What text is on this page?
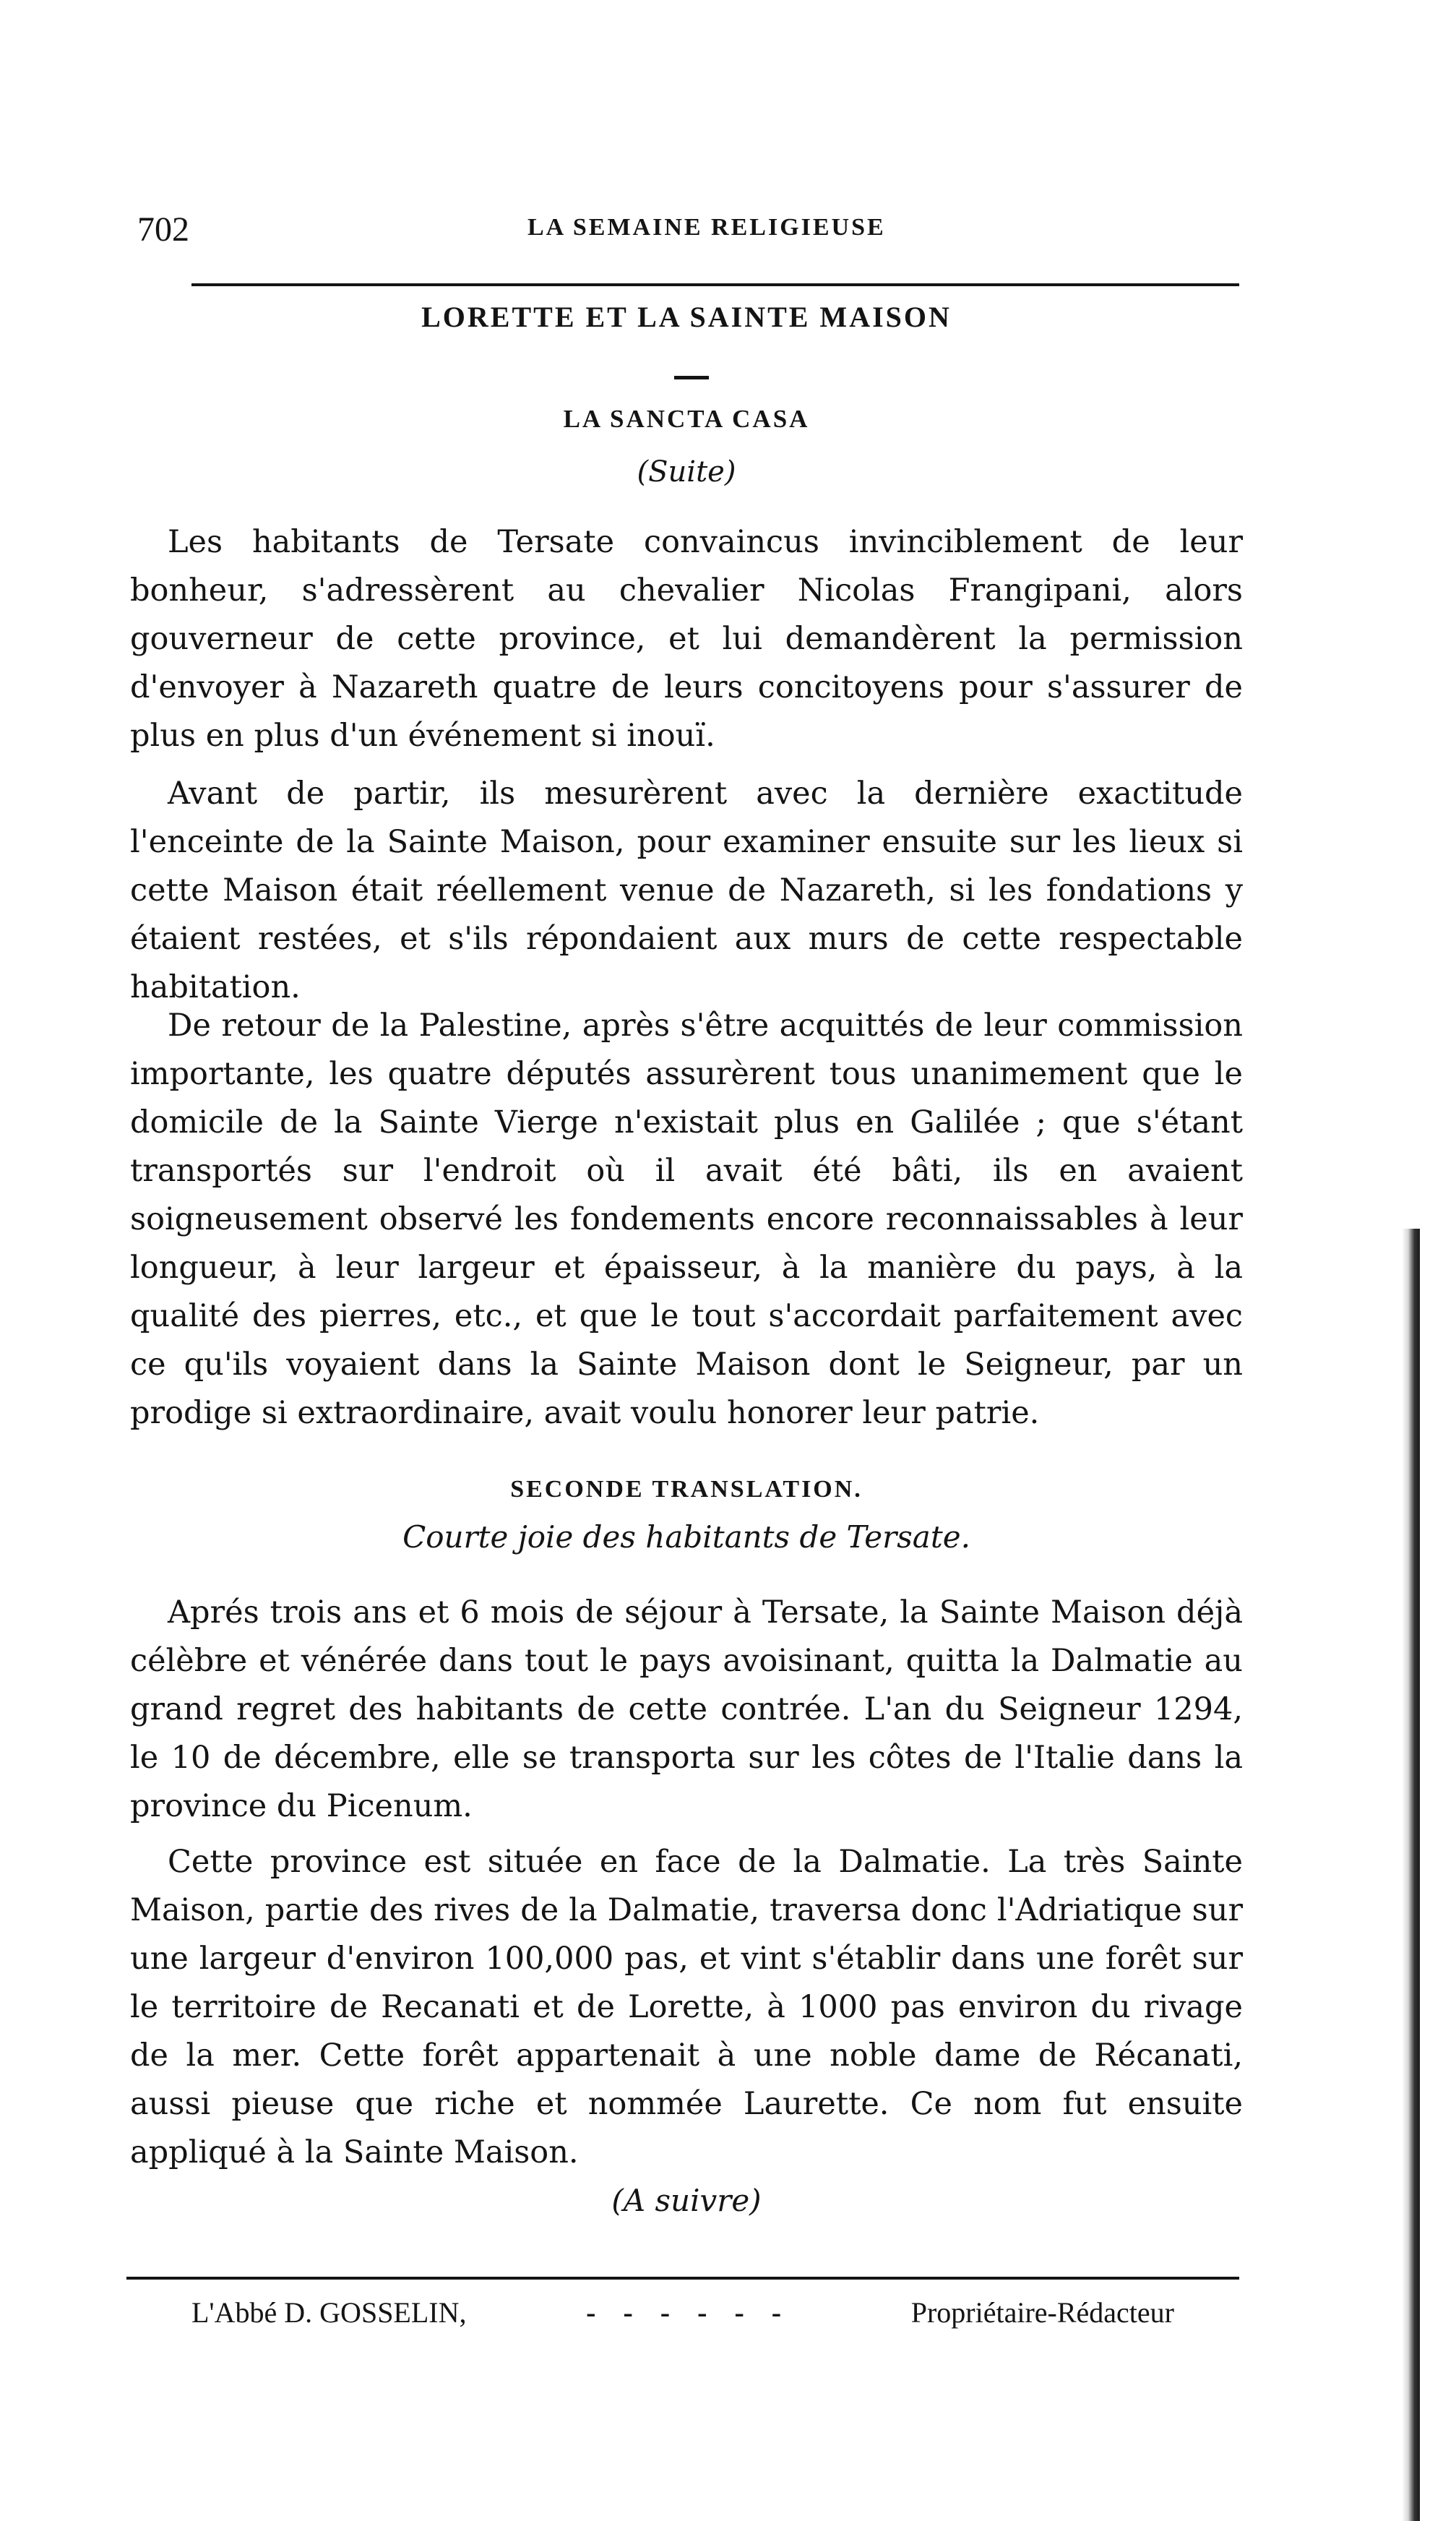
702	LA SEMAINE RELIGIEUSE
LORETTE ET LA SAINTE MAISON
LA SANCTA CASA
(Suite)

Les habitants de Tersate convaincus invinciblement de leur bonheur, s'adressèrent au chevalier Nicolas Frangipani, alors gouverneur de cette province, et lui demandèrent la permission d'envoyer à Nazareth quatre de leurs concitoyens pour s'assurer de plus en plus d'un événement si inouï.

Avant de partir, ils mesurèrent avec la dernière exactitude l'enceinte de la Sainte Maison, pour examiner ensuite sur les lieux si cette Maison était réellement venue de Nazareth, si les fondations y étaient restées, et s'ils répondaient aux murs de cette respectable habitation.

De retour de la Palestine, après s'être acquittés de leur commission importante, les quatre députés assurèrent tous unanimement que le domicile de la Sainte Vierge n'existait plus en Galilée ; que s'étant transportés sur l'endroit où il avait été bâti, ils en avaient soigneusement observé les fondements encore reconnaissables à leur longueur, à leur largeur et épaisseur, à la manière du pays, à la qualité des pierres, etc., et que le tout s'accordait parfaitement avec ce qu'ils voyaient dans la Sainte Maison dont le Seigneur, par un prodige si extraordinaire, avait voulu honorer leur patrie.

SECONDE TRANSLATION.
Courte joie des habitants de Tersate.

Aprés trois ans et 6 mois de séjour à Tersate, la Sainte Maison déjà célèbre et vénérée dans tout le pays avoisinant, quitta la Dalmatie au grand regret des habitants de cette contrée. L'an du Seigneur 1294, le 10 de décembre, elle se transporta sur les côtes de l'Italie dans la province du Picenum.

Cette province est située en face de la Dalmatie. La très Sainte Maison, partie des rives de la Dalmatie, traversa donc l'Adriatique sur une largeur d'environ 100,000 pas, et vint s'établir dans une forêt sur le territoire de Recanati et de Lorette, à 1000 pas environ du rivage de la mer. Cette forêt appartenait à une noble dame de Récanati, aussi pieuse que riche et nommée Laurette. Ce nom fut ensuite appliqué à la Sainte Maison.

(A suivre)
L'Abbé D. GOSSELIN,	- - - - - -	Propriétaire-Rédacteur
